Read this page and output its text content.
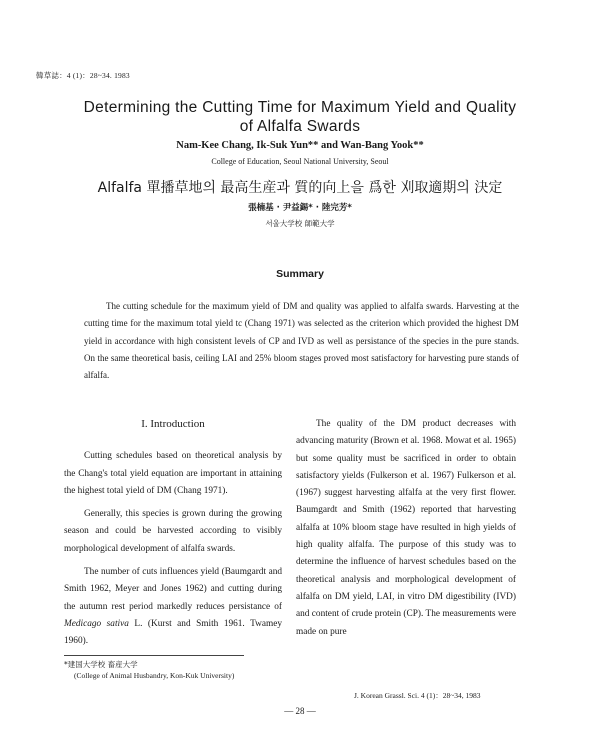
韓草誌：4 (1)：28~34. 1983
Determining the Cutting Time for Maximum Yield and Quality
of Alfalfa Swards
Nam-Kee Chang, Ik-Suk Yun** and Wan-Bang Yook**
College of Education, Seoul National University, Seoul
Alfalfa 單播草地의 最高生産과 質的向上을 爲한 刈取適期의 決定
張楠基 · 尹益錫* · 陸完芳*
서울大学校 師範大学
Summary

The cutting schedule for the maximum yield of DM and quality was applied to alfalfa swards. Harvesting at the cutting time for the maximum total yield tc (Chang 1971) was selected as the criterion which provided the highest DM yield in accordance with high consistent levels of CP and IVD as well as persistance of the species in the pure stands. On the same theoretical basis, ceiling LAI and 25% bloom stages proved most satisfactory for harvesting pure stands of alfalfa.

I. Introduction

Cutting schedules based on theoretical analysis by the Chang's total yield equation are important in attaining the highest total yield of DM (Chang 1971).

Generally, this species is grown during the growing season and could be harvested according to visibly morphological development of alfalfa swards.

The number of cuts influences yield (Baumgardt and Smith 1962, Meyer and Jones 1962) and cutting during the autumn rest period markedly reduces persistance of Medicago sativa L. (Kurst and Smith 1961. Twamey 1960).

The quality of the DM product decreases with advancing maturity (Brown et al. 1968. Mowat et al. 1965) but some quality must be sacrificed in order to obtain satisfactory yields (Fulkerson et al. 1967) Fulkerson et al. (1967) suggest harvesting alfalfa at the very first flower. Baumgardt and Smith (1962) reported that harvesting alfalfa at 10% bloom stage have resulted in high yields of high quality alfalfa. The purpose of this study was to determine the influence of harvest schedules based on the theoretical analysis and morphological development of alfalfa on DM yield, LAI, in vitro DM digestibility (IVD) and content of crude protein (CP). The measurements were made on pure

*建国大学校 畜産大学
(College of Animal Husbandry, Kon-Kuk University)
J. Korean Grassl. Sci. 4 (1)：28~34, 1983
— 28 —
